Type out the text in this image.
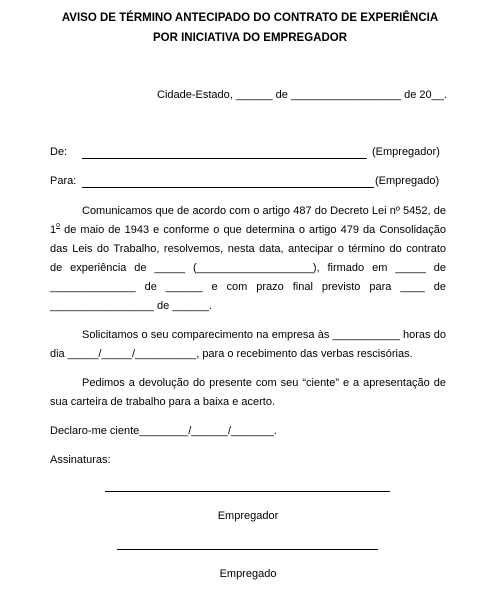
AVISO DE TÉRMINO ANTECIPADO DO CONTRATO DE EXPERIÊNCIA
POR INICIATIVA DO EMPREGADOR
Cidade-Estado, ______ de __________________ de 20__.
De:	(Empregador)
Para:	(Empregado)
Comunicamos que de acordo com o artigo 487 do Decreto Lei nº 5452, de
1$^o$ de maio de 1943 e conforme o que determina o artigo 479 da Consolidação
das Leis do Trabalho, resolvemos, nesta data, antecipar o término do contrato
de experiência de _____ (___________________), firmado em _____ de
______________ de ______ e com prazo final previsto para ____ de
_________________ de ______.
Solicitamos o seu comparecimento na empresa às ___________ horas do
dia _____/_____/__________, para o recebimento das verbas rescisórias.
Pedimos a devolução do presente com seu “ciente” e a apresentação de
sua carteira de trabalho para a baixa e acerto.
Declaro-me ciente________/______/_______.
Assinaturas:
Empregador
Empregado
